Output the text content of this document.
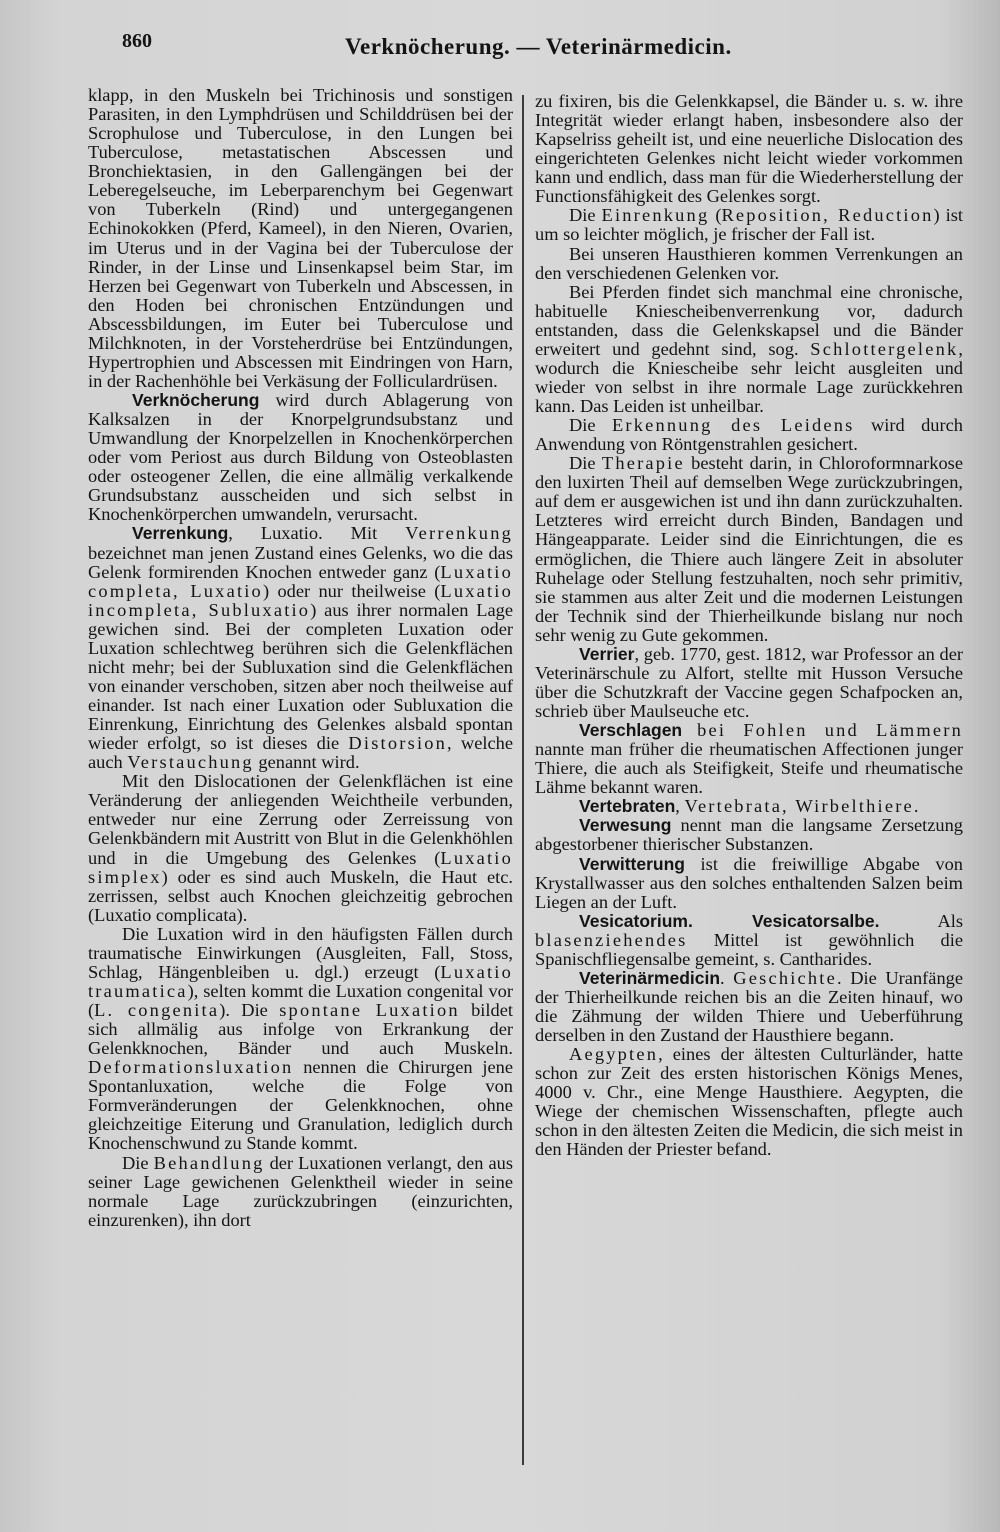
860	Verknöcherung. — Veterinärmedicin.

klapp, in den Muskeln bei Trichinosis und sonstigen Parasiten, in den Lymphdrüsen und Schilddrüsen bei der Scrophulose und Tuberculose, in den Lungen bei Tuberculose, metastatischen Abscessen und Bronchiektasien, in den Gallengängen bei der Leberegelseuche, im Leberparenchym bei Gegenwart von Tuberkeln (Rind) und untergegangenen Echinokokken (Pferd, Kameel), in den Nieren, Ovarien, im Uterus und in der Vagina bei der Tuberculose der Rinder, in der Linse und Linsenkapsel beim Star, im Herzen bei Gegenwart von Tuberkeln und Abscessen, in den Hoden bei chronischen Entzündungen und Abscessbildungen, im Euter bei Tuberculose und Milchknoten, in der Vorsteherdrüse bei Entzündungen, Hypertrophien und Abscessen mit Eindringen von Harn, in der Rachenhöhle bei Verkäsung der Folliculardrüsen.

Verknöcherung wird durch Ablagerung von Kalksalzen in der Knorpelgrundsubstanz und Umwandlung der Knorpelzellen in Knochenkörperchen oder vom Periost aus durch Bildung von Osteoblasten oder osteogener Zellen, die eine allmälig verkalkende Grundsubstanz ausscheiden und sich selbst in Knochenkörperchen umwandeln, verursacht.

Verrenkung, Luxatio. Mit Verrenkung bezeichnet man jenen Zustand eines Gelenks, wo die das Gelenk formirenden Knochen entweder ganz (Luxatio completa, Luxatio) oder nur theilweise (Luxatio incompleta, Subluxatio) aus ihrer normalen Lage gewichen sind. Bei der completen Luxation oder Luxation schlechtweg berühren sich die Gelenkflächen nicht mehr; bei der Subluxation sind die Gelenkflächen von einander verschoben, sitzen aber noch theilweise auf einander. Ist nach einer Luxation oder Subluxation die Einrenkung, Einrichtung des Gelenkes alsbald spontan wieder erfolgt, so ist dieses die Distorsion, welche auch Verstauchung genannt wird.

Mit den Dislocationen der Gelenkflächen ist eine Veränderung der anliegenden Weichtheile verbunden, entweder nur eine Zerrung oder Zerreissung von Gelenkbändern mit Austritt von Blut in die Gelenkhöhlen und in die Umgebung des Gelenkes (Luxatio simplex) oder es sind auch Muskeln, die Haut etc. zerrissen, selbst auch Knochen gleichzeitig gebrochen (Luxatio complicata).

Die Luxation wird in den häufigsten Fällen durch traumatische Einwirkungen (Ausgleiten, Fall, Stoss, Schlag, Hängenbleiben u. dgl.) erzeugt (Luxatio traumatica), selten kommt die Luxation congenital vor (L. congenita). Die spontane Luxation bildet sich allmälig aus infolge von Erkrankung der Gelenkknochen, Bänder und auch Muskeln. Deformationsluxation nennen die Chirurgen jene Spontanluxation, welche die Folge von Formveränderungen der Gelenkknochen, ohne gleichzeitige Eiterung und Granulation, lediglich durch Knochenschwund zu Stande kommt.

Die Behandlung der Luxationen verlangt, den aus seiner Lage gewichenen Gelenktheil wieder in seine normale Lage zurückzubringen (einzurichten, einzurenken), ihn dort

zu fixiren, bis die Gelenkkapsel, die Bänder u. s. w. ihre Integrität wieder erlangt haben, insbesondere also der Kapselriss geheilt ist, und eine neuerliche Dislocation des eingerichteten Gelenkes nicht leicht wieder vorkommen kann und endlich, dass man für die Wiederherstellung der Functionsfähigkeit des Gelenkes sorgt.

Die Einrenkung (Reposition, Reduction) ist um so leichter möglich, je frischer der Fall ist.

Bei unseren Hausthieren kommen Verrenkungen an den verschiedenen Gelenken vor.

Bei Pferden findet sich manchmal eine chronische, habituelle Kniescheibenverrenkung vor, dadurch entstanden, dass die Gelenkskapsel und die Bänder erweitert und gedehnt sind, sog. Schlottergelenk, wodurch die Kniescheibe sehr leicht ausgleiten und wieder von selbst in ihre normale Lage zurückkehren kann. Das Leiden ist unheilbar.

Die Erkennung des Leidens wird durch Anwendung von Röntgenstrahlen gesichert.

Die Therapie besteht darin, in Chloroformnarkose den luxirten Theil auf demselben Wege zurückzubringen, auf dem er ausgewichen ist und ihn dann zurückzuhalten. Letzteres wird erreicht durch Binden, Bandagen und Hängeapparate. Leider sind die Einrichtungen, die es ermöglichen, die Thiere auch längere Zeit in absoluter Ruhelage oder Stellung festzuhalten, noch sehr primitiv, sie stammen aus alter Zeit und die modernen Leistungen der Technik sind der Thierheilkunde bislang nur noch sehr wenig zu Gute gekommen.

Verrier, geb. 1770, gest. 1812, war Professor an der Veterinärschule zu Alfort, stellte mit Husson Versuche über die Schutzkraft der Vaccine gegen Schafpocken an, schrieb über Maulseuche etc.

Verschlagen bei Fohlen und Lämmern nannte man früher die rheumatischen Affectionen junger Thiere, die auch als Steifigkeit, Steife und rheumatische Lähme bekannt waren.

Vertebraten, Vertebrata, Wirbelthiere.

Verwesung nennt man die langsame Zersetzung abgestorbener thierischer Substanzen.

Verwitterung ist die freiwillige Abgabe von Krystallwasser aus den solches enthaltenden Salzen beim Liegen an der Luft.

Vesicatorium. Vesicatorsalbe. Als blasenziehendes Mittel ist gewöhnlich die Spanischfliegensalbe gemeint, s. Cantharides.

Veterinärmedicin. Geschichte. Die Uranfänge der Thierheilkunde reichen bis an die Zeiten hinauf, wo die Zähmung der wilden Thiere und Ueberführung derselben in den Zustand der Hausthiere begann.

Aegypten, eines der ältesten Culturländer, hatte schon zur Zeit des ersten historischen Königs Menes, 4000 v. Chr., eine Menge Hausthiere. Aegypten, die Wiege der chemischen Wissenschaften, pflegte auch schon in den ältesten Zeiten die Medicin, die sich meist in den Händen der Priester befand.
